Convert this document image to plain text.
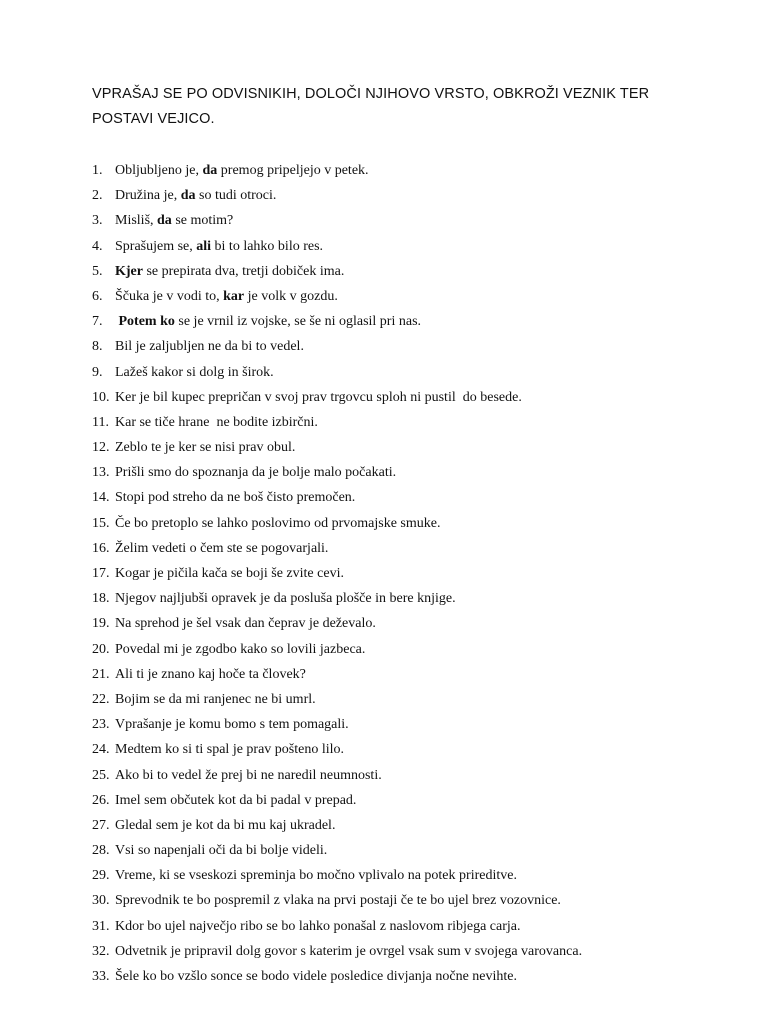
VPRAŠAJ SE PO ODVISNIKIH, DOLOČI NJIHOVO VRSTO, OBKROŽI VEZNIK TER POSTAVI VEJICO.
1. Obljubljeno je, da premog pripeljejo v petek.
2. Družina je, da so tudi otroci.
3. Misliš, da se motim?
4. Sprašujem se, ali bi to lahko bilo res.
5. Kjer se prepirata dva, tretji dobiček ima.
6. Ščuka je v vodi to, kar je volk v gozdu.
7. Potem ko se je vrnil iz vojske, se še ni oglasil pri nas.
8. Bil je zaljubljen ne da bi to vedel.
9. Lažeš kakor si dolg in širok.
10. Ker je bil kupec prepričan v svoj prav trgovcu sploh ni pustil  do besede.
11. Kar se tiče hrane  ne bodite izbirčni.
12. Zeblo te je ker se nisi prav obul.
13. Prišli smo do spoznanja da je bolje malo počakati.
14. Stopi pod streho da ne boš čisto premočen.
15. Če bo pretoplo se lahko poslovimo od prvomajske smuke.
16. Želim vedeti o čem ste se pogovarjali.
17. Kogar je pičila kača se boji še zvite cevi.
18. Njegov najljubši opravek je da posluša plošče in bere knjige.
19. Na sprehod je šel vsak dan čeprav je deževalo.
20. Povedal mi je zgodbo kako so lovili jazbeca.
21. Ali ti je znano kaj hoče ta človek?
22. Bojim se da mi ranjenec ne bi umrl.
23. Vprašanje je komu bomo s tem pomagali.
24. Medtem ko si ti spal je prav pošteno lilo.
25. Ako bi to vedel že prej bi ne naredil neumnosti.
26. Imel sem občutek kot da bi padal v prepad.
27. Gledal sem je kot da bi mu kaj ukradel.
28. Vsi so napenjali oči da bi bolje videli.
29. Vreme, ki se vseskozi spreminja bo močno vplivalo na potek prireditve.
30. Sprevodnik te bo pospremil z vlaka na prvi postaji če te bo ujel brez vozovnice.
31. Kdor bo ujel največjo ribo se bo lahko ponašal z naslovom ribjega carja.
32. Odvetnik je pripravil dolg govor s katerim je ovrgel vsak sum v svojega varovanca.
33. Šele ko bo vzšlo sonce se bodo videle posledice divjanja nočne nevihte.
